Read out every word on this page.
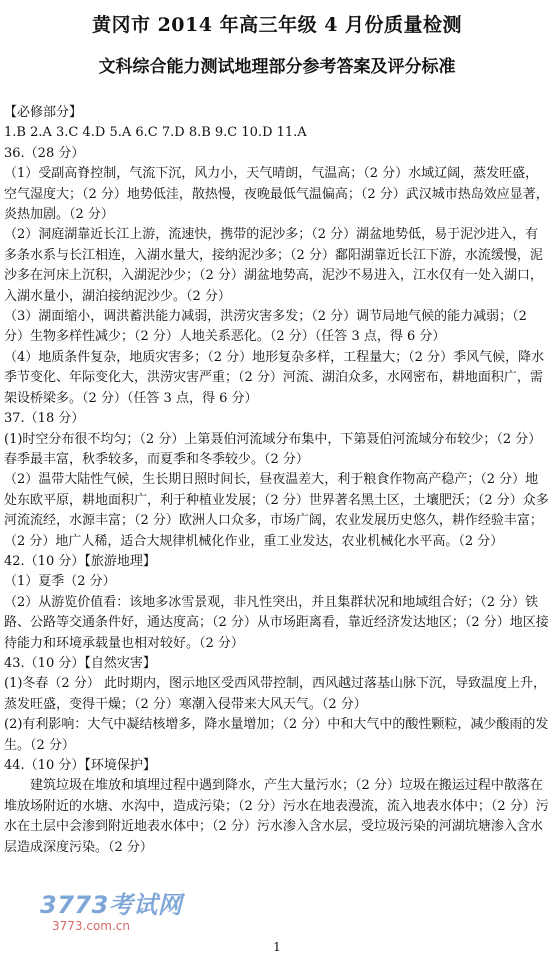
黄冈市 2014 年高三年级 4 月份质量检测
文科综合能力测试地理部分参考答案及评分标准

【必修部分】

1.B 2.A 3.C 4.D 5.A 6.C 7.D 8.B 9.C 10.D 11.A

36.（28 分）

（1）受副高脊控制，气流下沉，风力小，天气晴朗，气温高；（2 分）水域辽阔，蒸发旺盛，空气湿度大；（2 分）地势低洼，散热慢，夜晚最低气温偏高；（2 分）武汉城市热岛效应显著，炎热加剧。（2 分）

（2）洞庭湖靠近长江上游，流速快，携带的泥沙多；（2 分）湖盆地势低，易于泥沙进入，有多条水系与长江相连，入湖水量大，接纳泥沙多；（2 分）鄱阳湖靠近长江下游，水流缓慢，泥沙多在河床上沉积，入湖泥沙少；（2 分）湖盆地势高，泥沙不易进入，江水仅有一处入湖口，入湖水量小，湖泊接纳泥沙少。（2 分）

（3）湖面缩小，调洪蓄洪能力减弱，洪涝灾害多发；（2 分）调节局地气候的能力减弱；（2 分）生物多样性减少；（2 分）人地关系恶化。（2 分）（任答 3 点，得 6 分）

（4）地质条件复杂，地质灾害多；（2 分）地形复杂多样，工程量大；（2 分）季风气候，降水季节变化、年际变化大，洪涝灾害严重；（2 分）河流、湖泊众多，水网密布，耕地面积广，需架设桥梁多。（2 分）（任答 3 点，得 6 分）

37.（18 分）

(1)时空分布很不均匀；（2 分）上第聂伯河流域分布集中，下第聂伯河流域分布较少；（2 分）春季最丰富，秋季较多，而夏季和冬季较少。（2 分）

（2）温带大陆性气候，生长期日照时间长，昼夜温差大，利于粮食作物高产稳产；（2 分）地处东欧平原，耕地面积广，利于种植业发展；（2 分）世界著名黑土区，土壤肥沃；（2 分）众多河流流经，水源丰富；（2 分）欧洲人口众多，市场广阔，农业发展历史悠久，耕作经验丰富；（2 分）地广人稀，适合大规律机械化作业，重工业发达，农业机械化水平高。（2 分）

42.（10 分）【旅游地理】

（1）夏季（2 分）

（2）从游览价值看：该地多冰雪景观，非凡性突出，并且集群状况和地域组合好；（2 分）铁路、公路等交通条件好，通达度高；（2 分）从市场距离看，靠近经济发达地区；（2 分）地区接待能力和环境承载量也相对较好。（2 分）

43.（10 分）【自然灾害】

(1)冬春（2 分） 此时期内，图示地区受西风带控制，西风越过落基山脉下沉，导致温度上升，蒸发旺盛，变得干燥；（2 分）寒潮入侵带来大风天气。（2 分）

(2)有利影响：大气中凝结核增多，降水量增加；（2 分）中和大气中的酸性颗粒，减少酸雨的发生。（2 分）

44.（10 分）【环境保护】

建筑垃圾在堆放和填埋过程中遇到降水，产生大量污水；（2 分）垃圾在搬运过程中散落在堆放场附近的水塘、水沟中，造成污染；（2 分）污水在地表漫流，流入地表水体中；（2 分）污水在土层中会渗到附近地表水体中；（2 分）污水渗入含水层，受垃圾污染的河湖坑塘渗入含水层造成深度污染。（2 分）

3773考试网
3773.com.cn
1
